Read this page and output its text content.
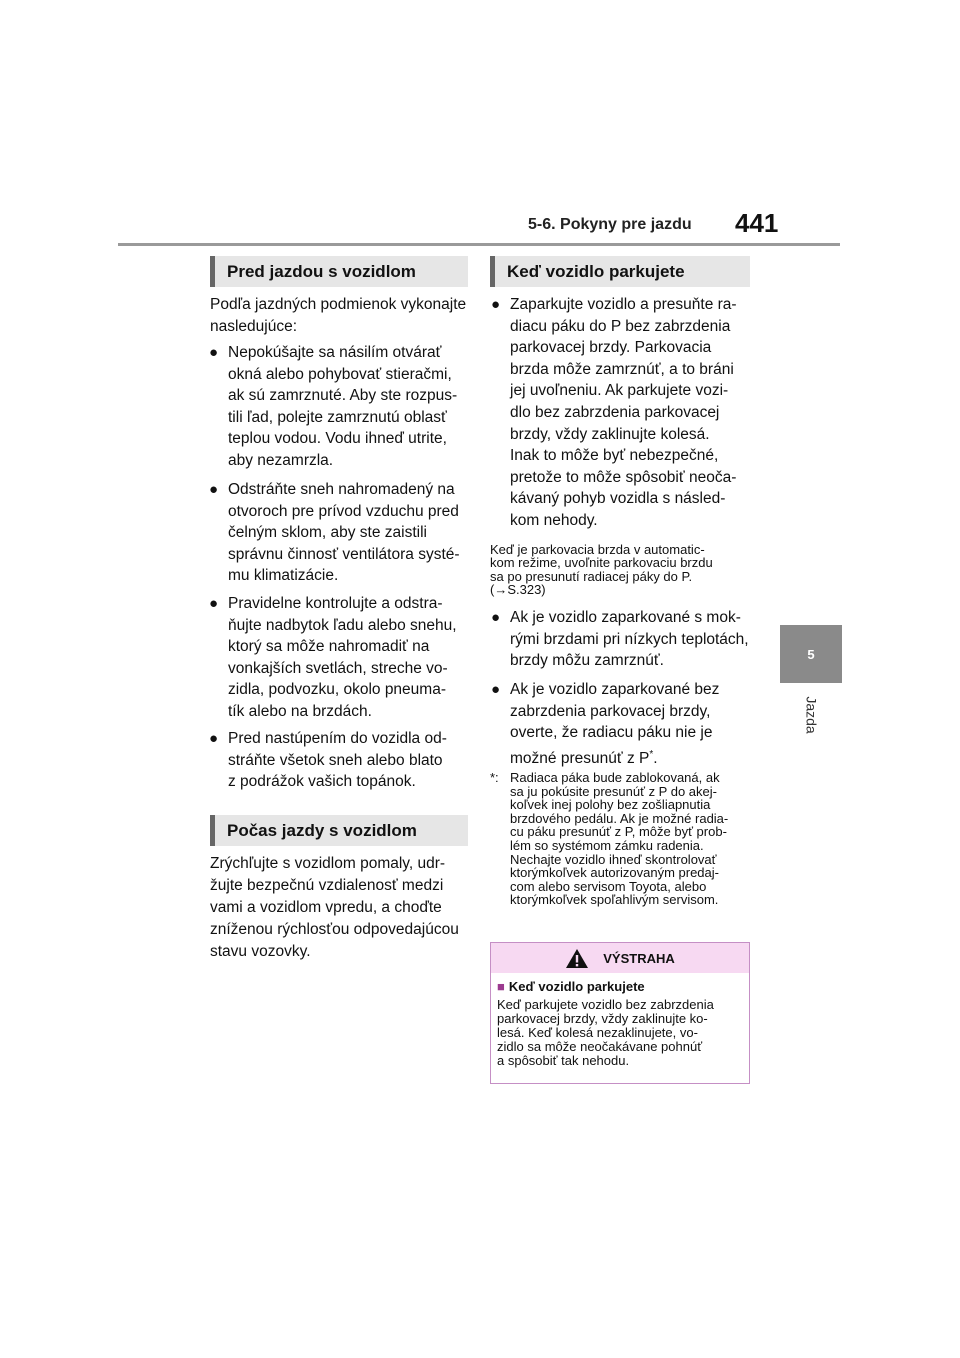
5-6. Pokyny pre jazdu 441
5
Jazda
Pred jazdou s vozidlom
Podľa jazdných podmienok vykonajte
nasledujúce:
● Nepokúšajte sa násilím otvárať
okná alebo pohybovať stieračmi,
ak sú zamrznuté. Aby ste rozpus-
tili ľad, polejte zamrznutú oblasť
teplou vodou. Vodu ihneď utrite,
aby nezamrzla.
● Odstráňte sneh nahromadený na
otvoroch pre prívod vzduchu pred
čelným sklom, aby ste zaistili
správnu činnosť ventilátora systé-
mu klimatizácie.
● Pravidelne kontrolujte a odstra-
ňujte nadbytok ľadu alebo snehu,
ktorý sa môže nahromadiť na
vonkajších svetlách, streche vo-
zidla, podvozku, okolo pneuma-
tík alebo na brzdách.
● Pred nastúpením do vozidla od-
stráňte všetok sneh alebo blato
z podrážok vašich topánok.
Počas jazdy s vozidlom
Zrýchľujte s vozidlom pomaly, udr-
žujte bezpečnú vzdialenosť medzi
vami a vozidlom vpredu, a choďte
zníženou rýchlosťou odpovedajúcou
stavu vozovky.
Keď vozidlo parkujete
● Zaparkujte vozidlo a presuňte ra-
diacu páku do P bez zabrzdenia
parkovacej brzdy. Parkovacia
brzda môže zamrznúť, a to bráni
jej uvoľneniu. Ak parkujete vozi-
dlo bez zabrzdenia parkovacej
brzdy, vždy zaklinujte kolesá.
Inak to môže byť nebezpečné,
pretože to môže spôsobiť neoča-
kávaný pohyb vozidla s násled-
kom nehody.
Keď je parkovacia brzda v automatic-
kom režime, uvoľnite parkovaciu brzdu
sa po presunutí radiacej páky do P.
(→S.323)
● Ak je vozidlo zaparkované s mok-
rými brzdami pri nízkych teplotách,
brzdy môžu zamrznúť.
● Ak je vozidlo zaparkované bez
zabrzdenia parkovacej brzdy,
overte, že radiacu páku nie je
možné presunúť z P*.
*: Radiaca páka bude zablokovaná, ak
sa ju pokúsite presunúť z P do akej-
koľvek inej polohy bez zošliapnutia
brzdového pedálu. Ak je možné radia-
cu páku presunúť z P, môže byť prob-
lém so systémom zámku radenia.
Nechajte vozidlo ihneď skontrolovať
ktorýmkoľvek autorizovaným predaj-
com alebo servisom Toyota, alebo
ktorýmkoľvek spoľahlivým servisom.
VÝSTRAHA
■ Keď vozidlo parkujete
Keď parkujete vozidlo bez zabrzdenia
parkovacej brzdy, vždy zaklinujte ko-
lesá. Keď kolesá nezaklinujete, vo-
zidlo sa môže neočakávane pohnúť
a spôsobiť tak nehodu.
